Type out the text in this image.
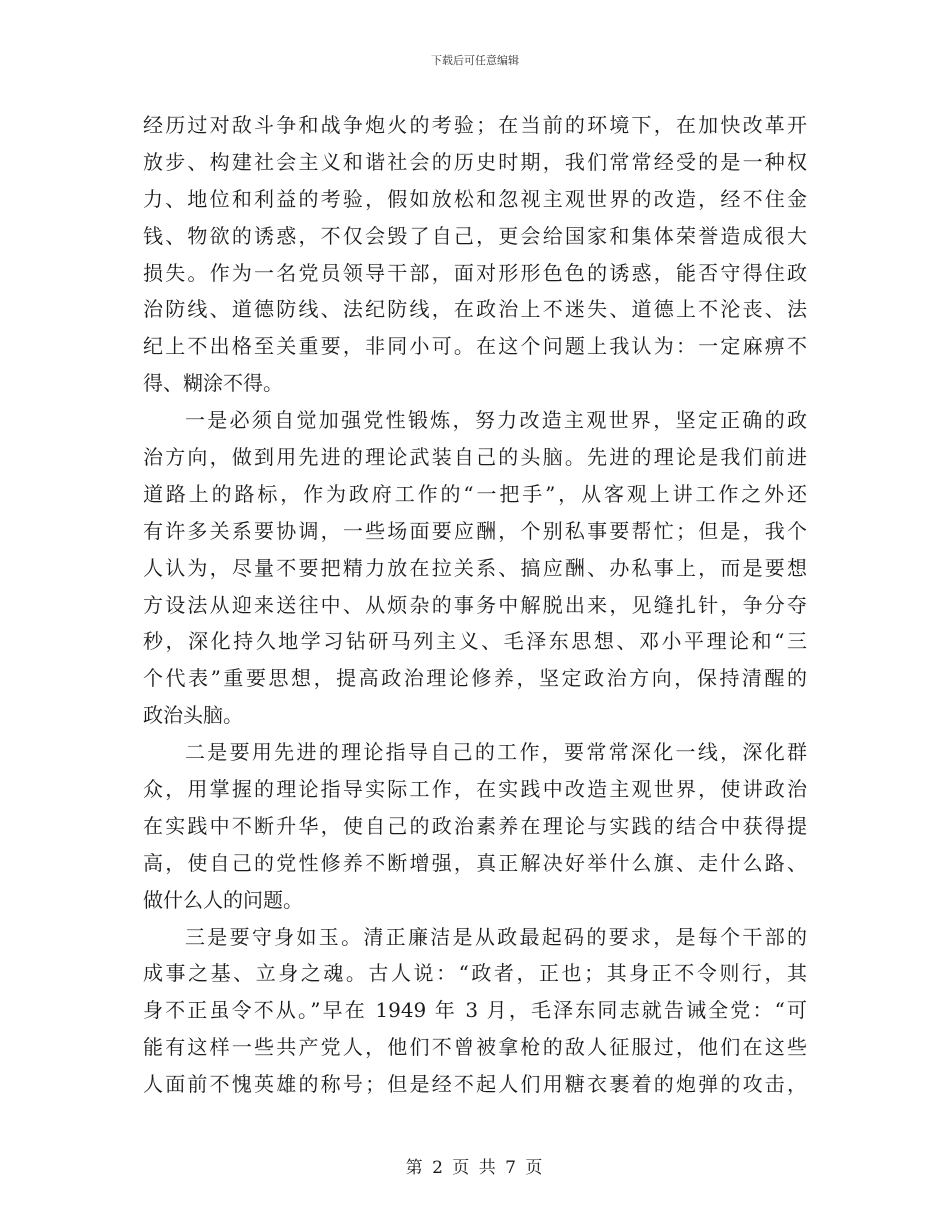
下载后可任意编辑
经历过对敌斗争和战争炮火的考验；在当前的环境下，在加快改革开
放步、构建社会主义和谐社会的历史时期，我们常常经受的是一种权
力、地位和利益的考验，假如放松和忽视主观世界的改造，经不住金
钱、物欲的诱惑，不仅会毁了自己，更会给国家和集体荣誉造成很大
损失。作为一名党员领导干部，面对形形色色的诱惑，能否守得住政
治防线、道德防线、法纪防线，在政治上不迷失、道德上不沦丧、法
纪上不出格至关重要，非同小可。在这个问题上我认为：一定麻痹不
得、糊涂不得。
一是必须自觉加强党性锻炼，努力改造主观世界，坚定正确的政
治方向，做到用先进的理论武装自己的头脑。先进的理论是我们前进
道路上的路标，作为政府工作的“一把手”，从客观上讲工作之外还
有许多关系要协调，一些场面要应酬，个别私事要帮忙；但是，我个
人认为，尽量不要把精力放在拉关系、搞应酬、办私事上，而是要想
方设法从迎来送往中、从烦杂的事务中解脱出来，见缝扎针，争分夺
秒，深化持久地学习钻研马列主义、毛泽东思想、邓小平理论和“三
个代表”重要思想，提高政治理论修养，坚定政治方向，保持清醒的
政治头脑。
二是要用先进的理论指导自己的工作，要常常深化一线，深化群
众，用掌握的理论指导实际工作，在实践中改造主观世界，使讲政治
在实践中不断升华，使自己的政治素养在理论与实践的结合中获得提
高，使自己的党性修养不断增强，真正解决好举什么旗、走什么路、
做什么人的问题。
三是要守身如玉。清正廉洁是从政最起码的要求，是每个干部的
成事之基、立身之魂。古人说：“政者，正也；其身正不令则行，其
身不正虽令不从。”早在 1949 年 3 月，毛泽东同志就告诫全党：“可
能有这样一些共产党人，他们不曾被拿枪的敌人征服过，他们在这些
人面前不愧英雄的称号；但是经不起人们用糖衣裹着的炮弹的攻击，
第 2 页 共 7 页
